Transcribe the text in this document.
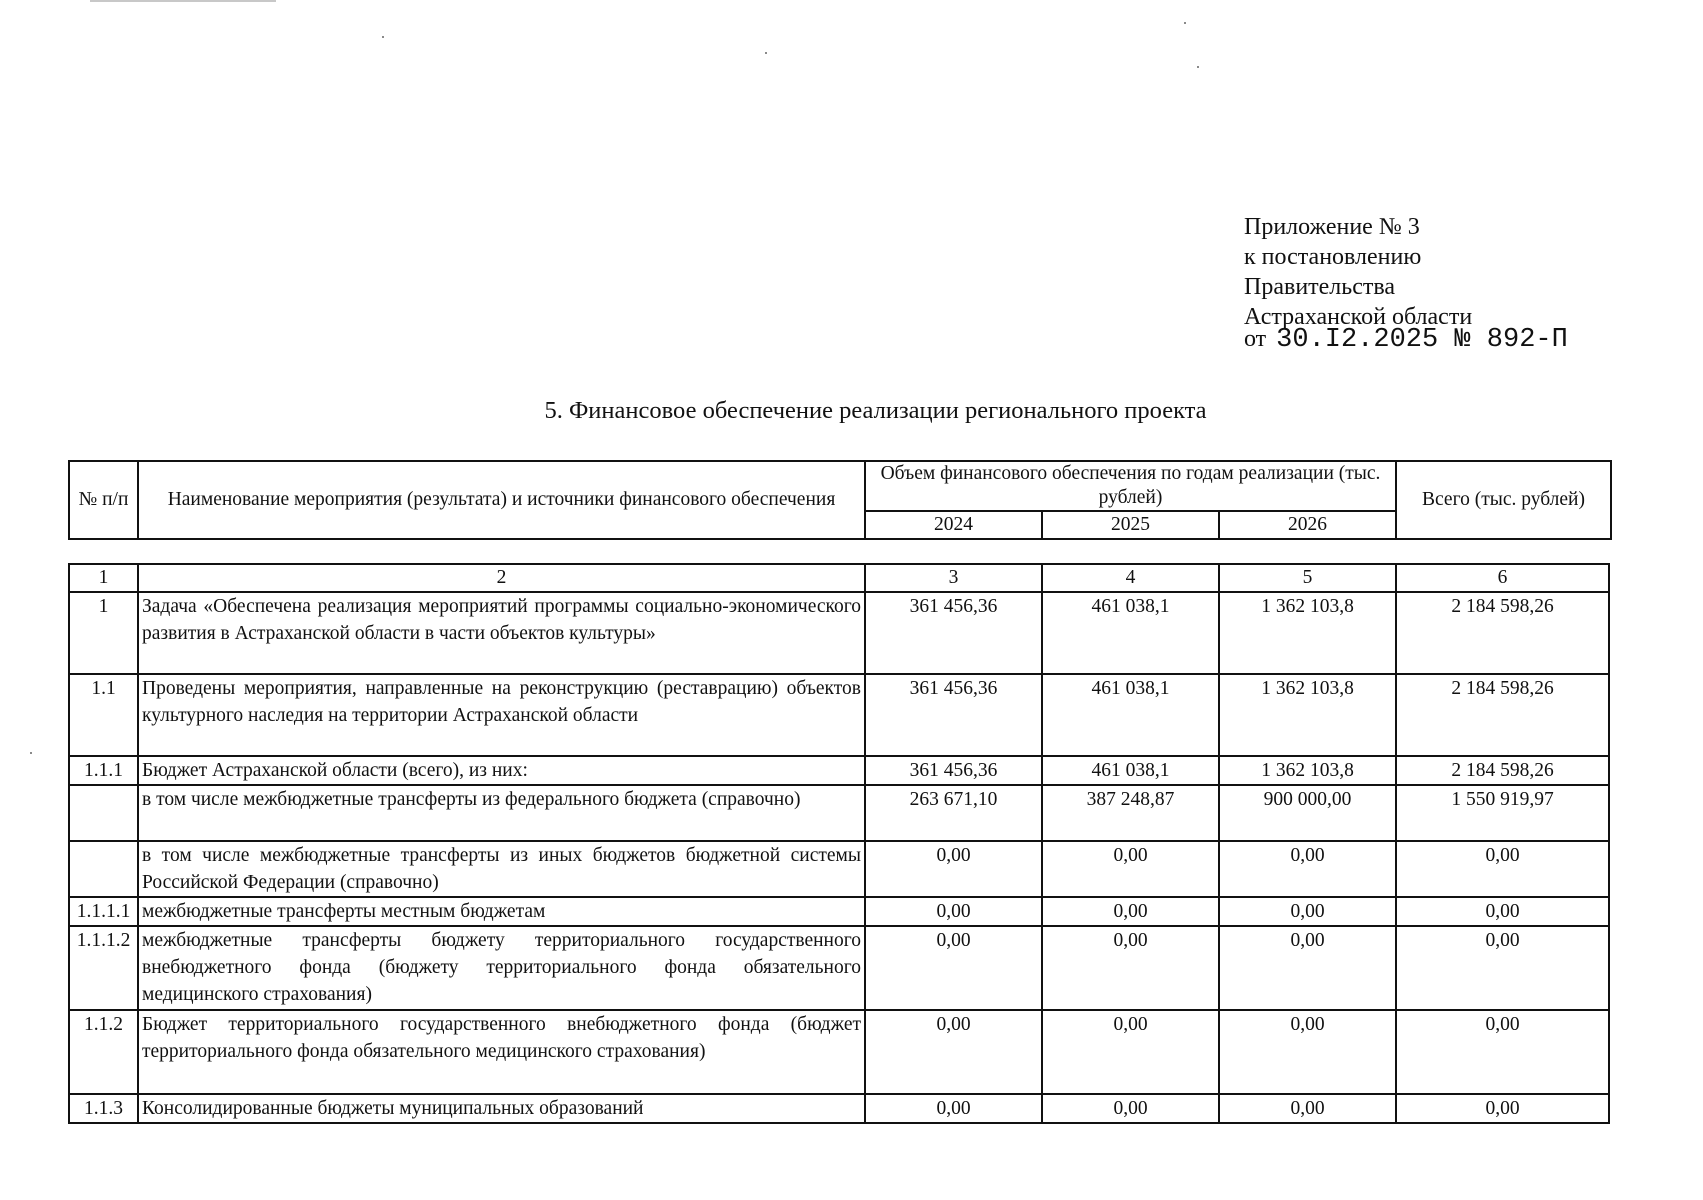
Приложение № 3
к постановлению
Правительства
Астраханской области
от 30.I2.2025 № 892-П
5. Финансовое обеспечение реализации регионального проекта
№ п/п	Наименование мероприятия (результата) и источники финансового обеспечения	Объем финансового обеспечения по годам реализации (тыс. рублей)			Всего (тыс. рублей)
		2024	2025	2026	
1	2	3	4	5	6
1	Задача «Обеспечена реализация мероприятий программы социально-экономического развития в Астраханской области в части объектов культуры»	361 456,36	461 038,1	1 362 103,8	2 184 598,26
1.1	Проведены мероприятия, направленные на реконструкцию (реставрацию) объектов культурного наследия на территории Астраханской области	361 456,36	461 038,1	1 362 103,8	2 184 598,26
1.1.1	Бюджет Астраханской области (всего), из них:	361 456,36	461 038,1	1 362 103,8	2 184 598,26
	в том числе межбюджетные трансферты из федерального бюджета (справочно)	263 671,10	387 248,87	900 000,00	1 550 919,97
	в том числе межбюджетные трансферты из иных бюджетов бюджетной системы Российской Федерации (справочно)	0,00	0,00	0,00	0,00
1.1.1.1	межбюджетные трансферты местным бюджетам	0,00	0,00	0,00	0,00
1.1.1.2	межбюджетные трансферты бюджету территориального государственного внебюджетного фонда (бюджету территориального фонда обязательного медицинского страхования)	0,00	0,00	0,00	0,00
1.1.2	Бюджет территориального государственного внебюджетного фонда (бюджет территориального фонда обязательного медицинского страхования)	0,00	0,00	0,00	0,00
1.1.3	Консолидированные бюджеты муниципальных образований	0,00	0,00	0,00	0,00
